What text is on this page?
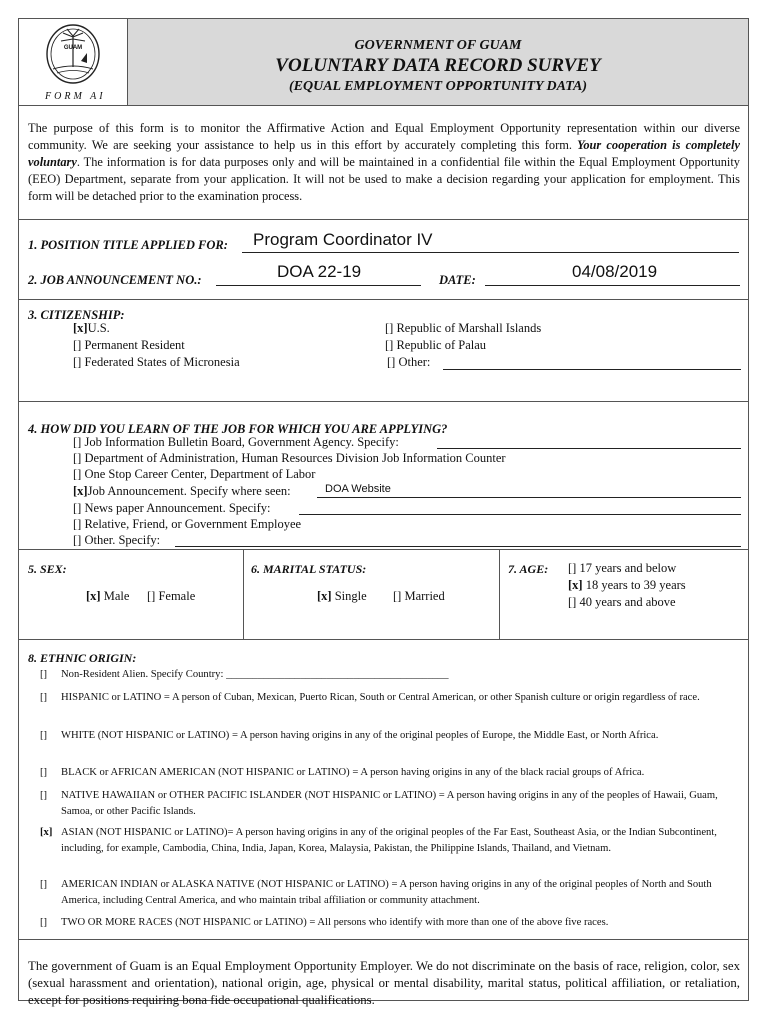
GUAM
FORM AI
GOVERNMENT OF GUAM
VOLUNTARY DATA RECORD SURVEY
(EQUAL EMPLOYMENT OPPORTUNITY DATA)
The purpose of this form is to monitor the Affirmative Action and Equal Employment Opportunity representation within our diverse community. We are seeking your assistance to help us in this effort by accurately completing this form. Your cooperation is completely voluntary. The information is for data purposes only and will be maintained in a confidential file within the Equal Employment Opportunity (EEO) Department, separate from your application. It will not be used to make a decision regarding your application for employment. This form will be detached prior to the examination process.
1. POSITION TITLE APPLIED FOR: Program Coordinator IV
2. JOB ANNOUNCEMENT NO.:	DOA 22-19	DATE:	04/08/2019
3. CITIZENSHIP:
[x]U.S.
[] Permanent Resident
[] Federated States of Micronesia
[] Republic of Marshall Islands
[] Republic of Palau
[] Other:
4. HOW DID YOU LEARN OF THE JOB FOR WHICH YOU ARE APPLYING?
[] Job Information Bulletin Board, Government Agency. Specify:
[] Department of Administration, Human Resources Division Job Information Counter
[] One Stop Career Center, Department of Labor
[x]Job Announcement. Specify where seen:	DOA Website
[] News paper Announcement. Specify:
[] Relative, Friend, or Government Employee
[] Other. Specify:
5. SEX:
[x] Male [] Female
6. MARITAL STATUS:
[x] Single [] Married
7. AGE: [] 17 years and below
[x] 18 years to 39 years
[] 40 years and above
8. ETHNIC ORIGIN:
[] Non-Resident Alien. Specify Country: __________________________________________
[] HISPANIC or LATINO = A person of Cuban, Mexican, Puerto Rican, South or Central American, or other Spanish culture or origin regardless of race.
[] WHITE (NOT HISPANIC or LATINO) = A person having origins in any of the original peoples of Europe, the Middle East, or North Africa.
[] BLACK or AFRICAN AMERICAN (NOT HISPANIC or LATINO) = A person having origins in any of the black racial groups of Africa.
[] NATIVE HAWAIIAN or OTHER PACIFIC ISLANDER (NOT HISPANIC or LATINO) = A person having origins in any of the peoples of Hawaii, Guam, Samoa, or other Pacific Islands.
[x] ASIAN (NOT HISPANIC or LATINO)= A person having origins in any of the original peoples of the Far East, Southeast Asia, or the Indian Subcontinent, including, for example, Cambodia, China, India, Japan, Korea, Malaysia, Pakistan, the Philippine Islands, Thailand, and Vietnam.
[] AMERICAN INDIAN or ALASKA NATIVE (NOT HISPANIC or LATINO) = A person having origins in any of the original peoples of North and South America, including Central America, and who maintain tribal affiliation or community attachment.
[] TWO OR MORE RACES (NOT HISPANIC or LATINO) = All persons who identify with more than one of the above five races.
The government of Guam is an Equal Employment Opportunity Employer. We do not discriminate on the basis of race, religion, color, sex (sexual harassment and orientation), national origin, age, physical or mental disability, marital status, political affiliation, or retaliation, except for positions requiring bona fide occupational qualifications.
